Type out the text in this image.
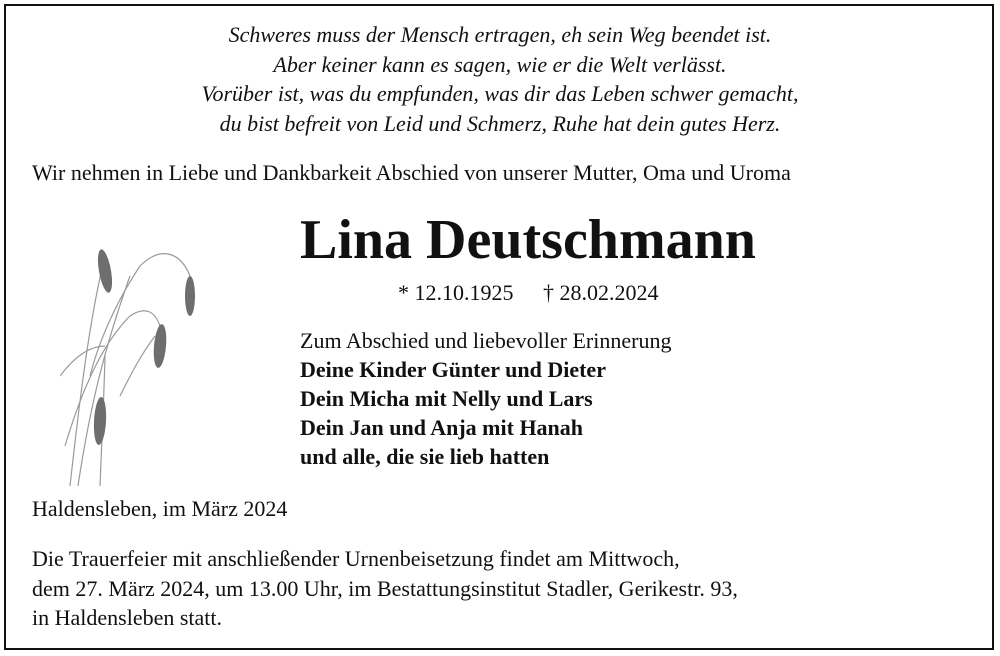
Schweres muss der Mensch ertragen, eh sein Weg beendet ist.
Aber keiner kann es sagen, wie er die Welt verlässt.
Vorüber ist, was du empfunden, was dir das Leben schwer gemacht,
du bist befreit von Leid und Schmerz, Ruhe hat dein gutes Herz.
Wir nehmen in Liebe und Dankbarkeit Abschied von unserer Mutter, Oma und Uroma
Lina Deutschmann
* 12.10.1925 † 28.02.2024
Zum Abschied und liebevoller Erinnerung
Deine Kinder Günter und Dieter
Dein Micha mit Nelly und Lars
Dein Jan und Anja mit Hanah
und alle, die sie lieb hatten
Haldensleben, im März 2024
Die Trauerfeier mit anschließender Urnenbeisetzung findet am Mittwoch,
dem 27. März 2024, um 13.00 Uhr, im Bestattungsinstitut Stadler, Gerikestr. 93,
in Haldensleben statt.
